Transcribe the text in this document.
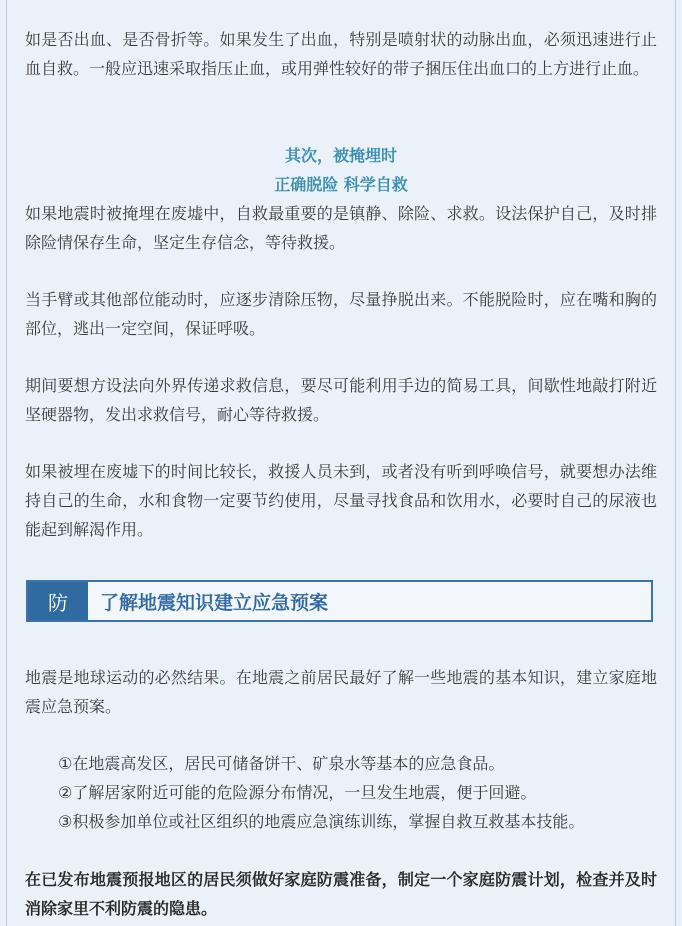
如是否出血、是否骨折等。如果发生了出血，特别是喷射状的动脉出血，必须迅速进行止血自救。一般应迅速采取指压止血，或用弹性较好的带子捆压住出血口的上方进行止血。

其次，被掩埋时
正确脱险 科学自救

如果地震时被掩埋在废墟中，自救最重要的是镇静、除险、求救。设法保护自己，及时排除险情保存生命，坚定生存信念，等待救援。

当手臂或其他部位能动时，应逐步清除压物，尽量挣脱出来。不能脱险时，应在嘴和胸的部位，逃出一定空间，保证呼吸。

期间要想方设法向外界传递求救信息，要尽可能利用手边的简易工具，间歇性地敲打附近坚硬器物，发出求救信号，耐心等待救援。

如果被埋在废墟下的时间比较长，救援人员未到，或者没有听到呼唤信号，就要想办法维持自己的生命，水和食物一定要节约使用，尽量寻找食品和饮用水，必要时自己的尿液也能起到解渴作用。

防	了解地震知识建立应急预案

地震是地球运动的必然结果。在地震之前居民最好了解一些地震的基本知识，建立家庭地震应急预案。

①在地震高发区，居民可储备饼干、矿泉水等基本的应急食品。
②了解居家附近可能的危险源分布情况，一旦发生地震，便于回避。
③积极参加单位或社区组织的地震应急演练训练，掌握自救互救基本技能。

在已发布地震预报地区的居民须做好家庭防震准备，制定一个家庭防震计划，检查并及时消除家里不利防震的隐患。
